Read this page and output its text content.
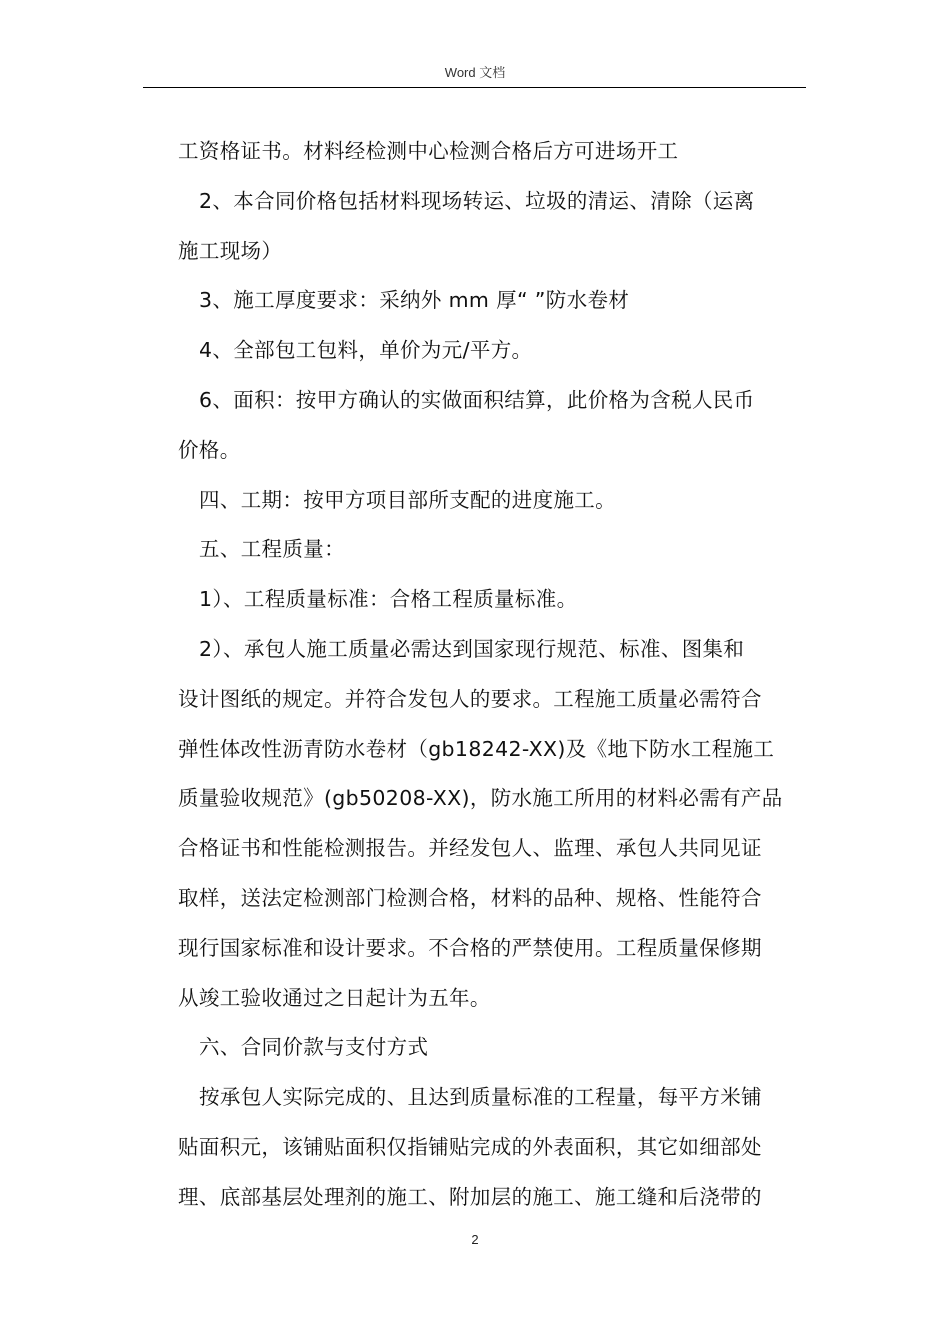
Word 文档

工资格证书。材料经检测中心检测合格后方可进场开工

2、本合同价格包括材料现场转运、垃圾的清运、清除（运离

施工现场）

3、施工厚度要求：采纳外 mm 厚“ ”防水卷材

4、全部包工包料，单价为元/平方。

6、面积：按甲方确认的实做面积结算，此价格为含税人民币

价格。

四、工期：按甲方项目部所支配的进度施工。

五、工程质量：

1）、工程质量标准：合格工程质量标准。

2）、承包人施工质量必需达到国家现行规范、标准、图集和

设计图纸的规定。并符合发包人的要求。工程施工质量必需符合

弹性体改性沥青防水卷材（gb18242-XX)及《地下防水工程施工

质量验收规范》(gb50208-XX)，防水施工所用的材料必需有产品

合格证书和性能检测报告。并经发包人、监理、承包人共同见证

取样，送法定检测部门检测合格，材料的品种、规格、性能符合

现行国家标准和设计要求。不合格的严禁使用。工程质量保修期

从竣工验收通过之日起计为五年。

六、合同价款与支付方式

按承包人实际完成的、且达到质量标准的工程量，每平方米铺

贴面积元，该铺贴面积仅指铺贴完成的外表面积，其它如细部处

理、底部基层处理剂的施工、附加层的施工、施工缝和后浇带的

2
